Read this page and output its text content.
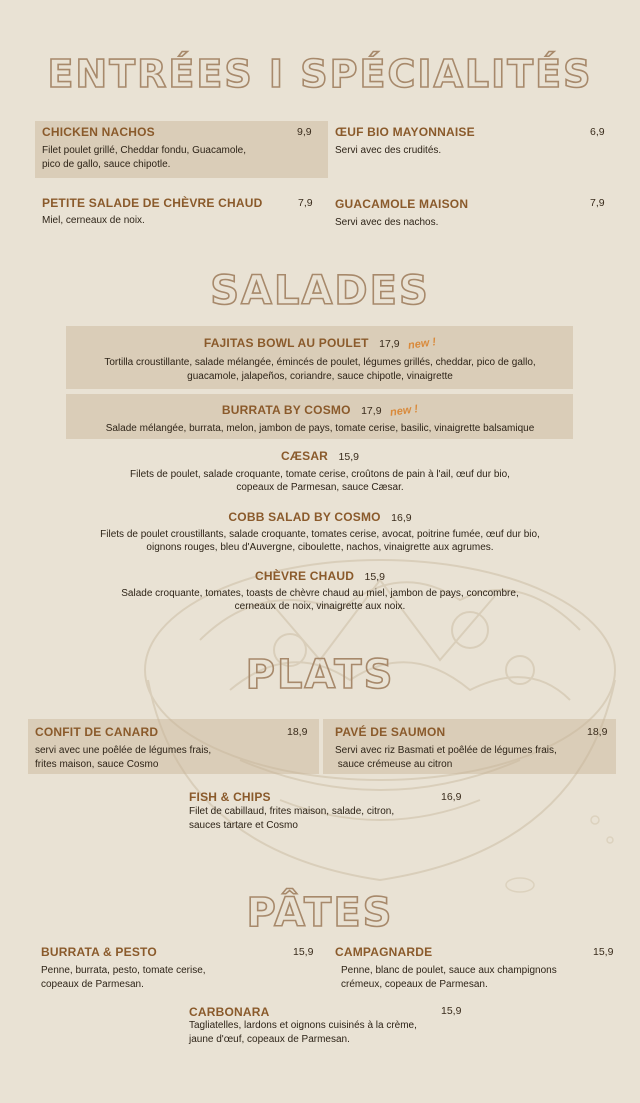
ENTRÉES I SPÉCIALITÉS
CHICKEN NACHOS	9,9
Filet poulet grillé, Cheddar fondu, Guacamole,
pico de gallo, sauce chipotle.
ŒUF BIO MAYONNAISE	6,9
Servi avec des crudités.
PETITE SALADE DE CHÈVRE CHAUD	7,9
Miel, cerneaux de noix.
GUACAMOLE MAISON	7,9
Servi avec des nachos.
SALADES
FAJITAS BOWL AU POULET 17,9 new !
Tortilla croustillante, salade mélangée, émincés de poulet, légumes grillés, cheddar, pico de gallo,
guacamole, jalapeños, coriandre, sauce chipotle, vinaigrette
BURRATA BY COSMO 17,9 new !
Salade mélangée, burrata, melon, jambon de pays, tomate cerise, basilic, vinaigrette balsamique
CÆSAR 15,9
Filets de poulet, salade croquante, tomate cerise, croûtons de pain à l'ail, œuf dur bio,
copeaux de Parmesan, sauce Cæsar.
COBB SALAD BY COSMO 16,9
Filets de poulet croustillants, salade croquante, tomates cerise, avocat, poitrine fumée, œuf dur bio,
oignons rouges, bleu d'Auvergne, ciboulette, nachos, vinaigrette aux agrumes.
CHÈVRE CHAUD 15,9
Salade croquante, tomates, toasts de chèvre chaud au miel, jambon de pays, concombre,
cerneaux de noix, vinaigrette aux noix.
PLATS
CONFIT DE CANARD	18,9
servi avec une poêlée de légumes frais,
frites maison, sauce Cosmo
PAVÉ DE SAUMON	18,9
Servi avec riz Basmati et poêlée de légumes frais,
sauce crémeuse au citron
FISH & CHIPS	16,9
Filet de cabillaud, frites maison, salade, citron,
sauces tartare et Cosmo
PÂTES
BURRATA & PESTO	15,9
Penne, burrata, pesto, tomate cerise,
copeaux de Parmesan.
CAMPAGNARDE	15,9
Penne, blanc de poulet, sauce aux champignons
crémeux, copeaux de Parmesan.
CARBONARA	15,9
Tagliatelles, lardons et oignons cuisinés à la crème,
jaune d'œuf, copeaux de Parmesan.
